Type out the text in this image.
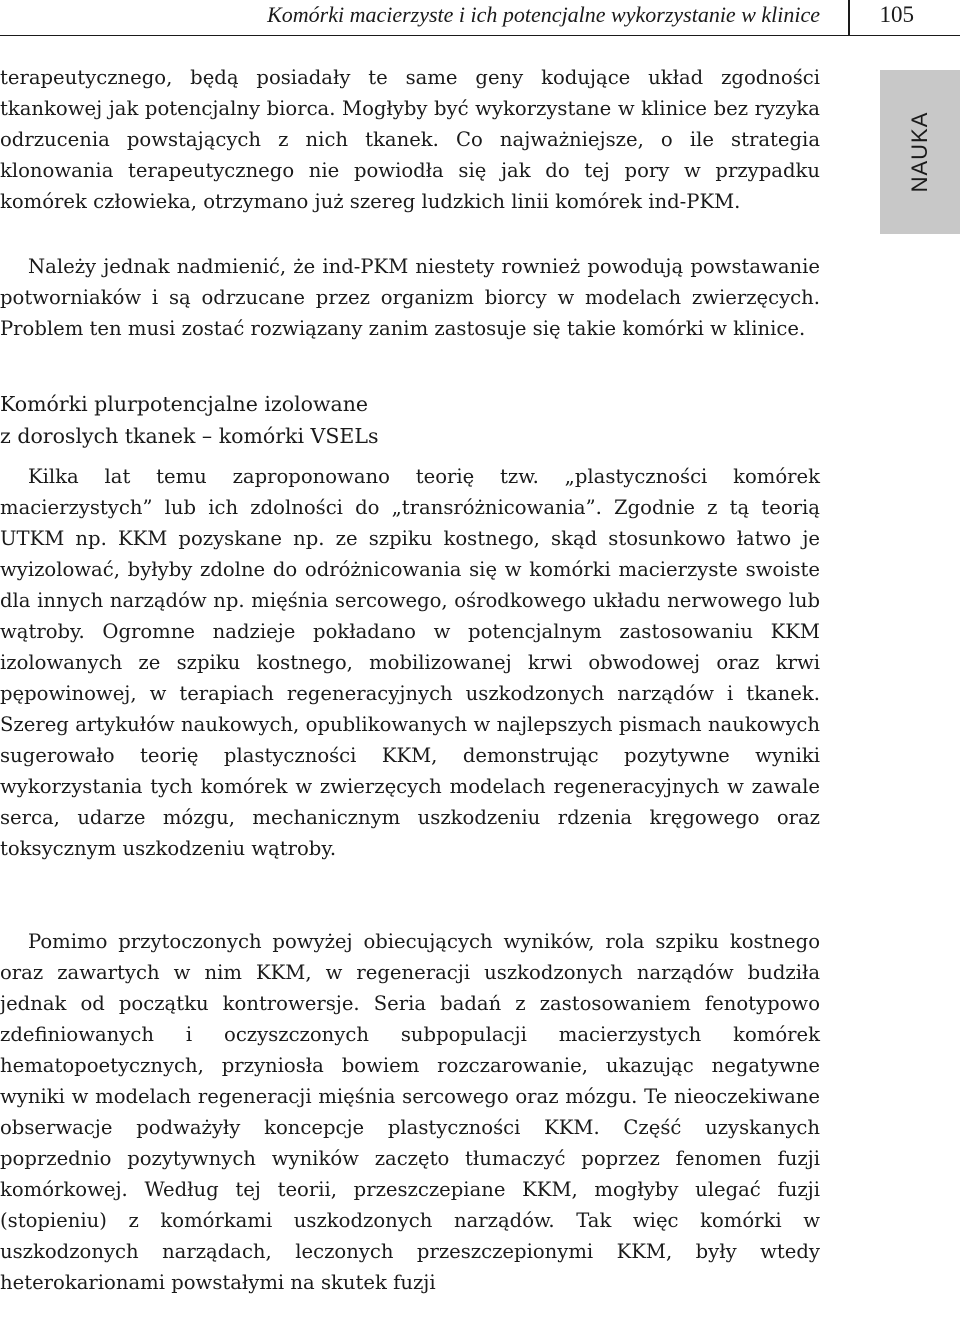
Komórki macierzyste i ich potencjalne wykorzystanie w klinice	105
NAUKA

terapeutycznego, będą posiadały te same geny kodujące układ zgodności tkankowej jak potencjalny biorca. Mogłyby być wykorzystane w klinice bez ryzyka odrzucenia powstających z nich tkanek. Co najważniejsze, o ile strategia klonowania terapeutycznego nie powiodła się jak do tej pory w przypadku komórek człowieka, otrzymano już szereg ludzkich linii komórek ind-PKM.

Należy jednak nadmienić, że ind-PKM niestety rownież powodują powstawanie potworniaków i są odrzucane przez organizm biorcy w modelach zwierzęcych. Problem ten musi zostać rozwiązany zanim zastosuje się takie komórki w klinice.

Komórki plurpotencjalne izolowane
z doroslych tkanek – komórki VSELs

Kilka lat temu zaproponowano teorię tzw. „plastyczności komórek macierzystych” lub ich zdolności do „transróżnicowania”. Zgodnie z tą teorią UTKM np. KKM pozyskane np. ze szpiku kostnego, skąd stosunkowo łatwo je wyizolować, byłyby zdolne do odróżnicowania się w komórki macierzyste swoiste dla innych narządów np. mięśnia sercowego, ośrodkowego układu nerwowego lub wątroby. Ogromne nadzieje pokładano w potencjalnym zastosowaniu KKM izolowanych ze szpiku kostnego, mobilizowanej krwi obwodowej oraz krwi pępowinowej, w terapiach regeneracyjnych uszkodzonych narządów i tkanek. Szereg artykułów naukowych, opublikowanych w najlepszych pismach naukowych sugerowało teorię plastyczności KKM, demonstrując pozytywne wyniki wykorzystania tych komórek w zwierzęcych modelach regeneracyjnych w zawale serca, udarze mózgu, mechanicznym uszkodzeniu rdzenia kręgowego oraz toksycznym uszkodzeniu wątroby.

Pomimo przytoczonych powyżej obiecujących wyników, rola szpiku kostnego oraz zawartych w nim KKM, w regeneracji uszkodzonych narządów budziła jednak od początku kontrowersje. Seria badań z zastosowaniem fenotypowo zdefiniowanych i oczyszczonych subpopulacji macierzystych komórek hematopoetycznych, przyniosła bowiem rozczarowanie, ukazując negatywne wyniki w modelach regeneracji mięśnia sercowego oraz mózgu. Te nieoczekiwane obserwacje podważyły koncepcje plastyczności KKM. Część uzyskanych poprzednio pozytywnych wyników zaczęto tłumaczyć poprzez fenomen fuzji komórkowej. Według tej teorii, przeszczepiane KKM, mogłyby ulegać fuzji (stopieniu) z komórkami uszkodzonych narządów. Tak więc komórki w uszkodzonych narządach, leczonych przeszczepionymi KKM, były wtedy heterokarionami powstałymi na skutek fuzji
